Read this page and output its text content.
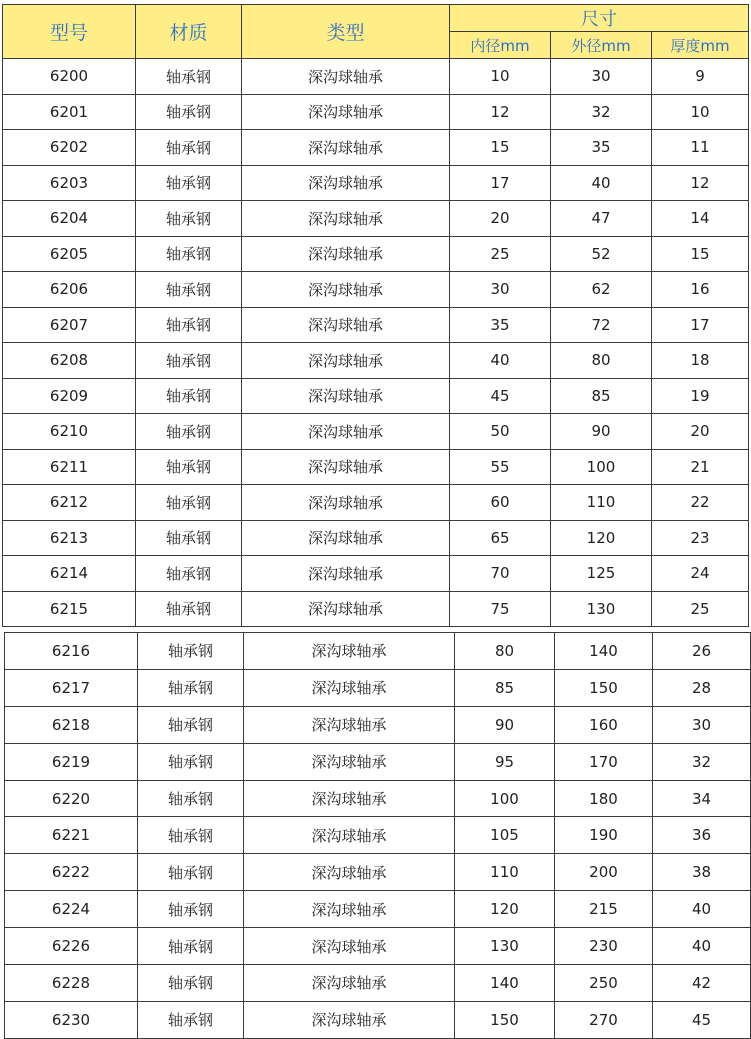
型号	材质	类型	尺寸		
			内径mm	外径mm	厚度mm
6200	轴承钢	深沟球轴承	10	30	9
6201	轴承钢	深沟球轴承	12	32	10
6202	轴承钢	深沟球轴承	15	35	11
6203	轴承钢	深沟球轴承	17	40	12
6204	轴承钢	深沟球轴承	20	47	14
6205	轴承钢	深沟球轴承	25	52	15
6206	轴承钢	深沟球轴承	30	62	16
6207	轴承钢	深沟球轴承	35	72	17
6208	轴承钢	深沟球轴承	40	80	18
6209	轴承钢	深沟球轴承	45	85	19
6210	轴承钢	深沟球轴承	50	90	20
6211	轴承钢	深沟球轴承	55	100	21
6212	轴承钢	深沟球轴承	60	110	22
6213	轴承钢	深沟球轴承	65	120	23
6214	轴承钢	深沟球轴承	70	125	24
6215	轴承钢	深沟球轴承	75	130	25
6216	轴承钢	深沟球轴承	80	140	26
6217	轴承钢	深沟球轴承	85	150	28
6218	轴承钢	深沟球轴承	90	160	30
6219	轴承钢	深沟球轴承	95	170	32
6220	轴承钢	深沟球轴承	100	180	34
6221	轴承钢	深沟球轴承	105	190	36
6222	轴承钢	深沟球轴承	110	200	38
6224	轴承钢	深沟球轴承	120	215	40
6226	轴承钢	深沟球轴承	130	230	40
6228	轴承钢	深沟球轴承	140	250	42
6230	轴承钢	深沟球轴承	150	270	45
